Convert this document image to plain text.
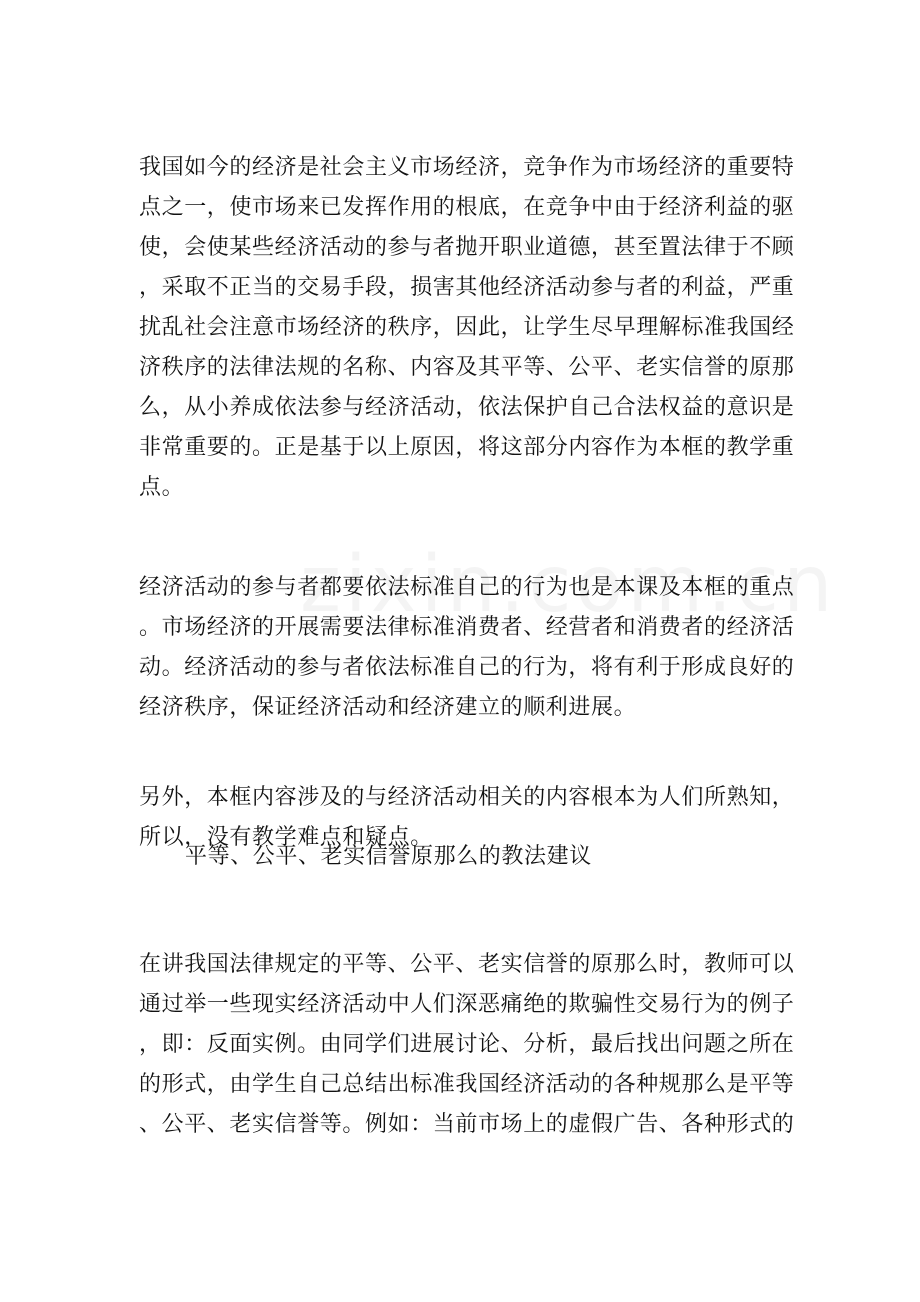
我国如今的经济是社会主义市场经济，竞争作为市场经济的重要特
点之一，使市场来已发挥作用的根底，在竞争中由于经济利益的驱
使，会使某些经济活动的参与者抛开职业道德，甚至置法律于不顾
，采取不正当的交易手段，损害其他经济活动参与者的利益，严重
扰乱社会注意市场经济的秩序，因此，让学生尽早理解标准我国经
济秩序的法律法规的名称、内容及其平等、公平、老实信誉的原那
么，从小养成依法参与经济活动，依法保护自己合法权益的意识是
非常重要的。正是基于以上原因，将这部分内容作为本框的教学重
点。
经济活动的参与者都要依法标准自己的行为也是本课及本框的重点
。市场经济的开展需要法律标准消费者、经营者和消费者的经济活
动。经济活动的参与者依法标准自己的行为，将有利于形成良好的
经济秩序，保证经济活动和经济建立的顺利进展。
另外，本框内容涉及的与经济活动相关的内容根本为人们所熟知，
所以，没有教学难点和疑点。
平等、公平、老实信誉原那么的教法建议
在讲我国法律规定的平等、公平、老实信誉的原那么时，教师可以
通过举一些现实经济活动中人们深恶痛绝的欺骗性交易行为的例子
，即：反面实例。由同学们进展讨论、分析，最后找出问题之所在
的形式，由学生自己总结出标准我国经济活动的各种规那么是平等
、公平、老实信誉等。例如：当前市场上的虚假广告、各种形式的
